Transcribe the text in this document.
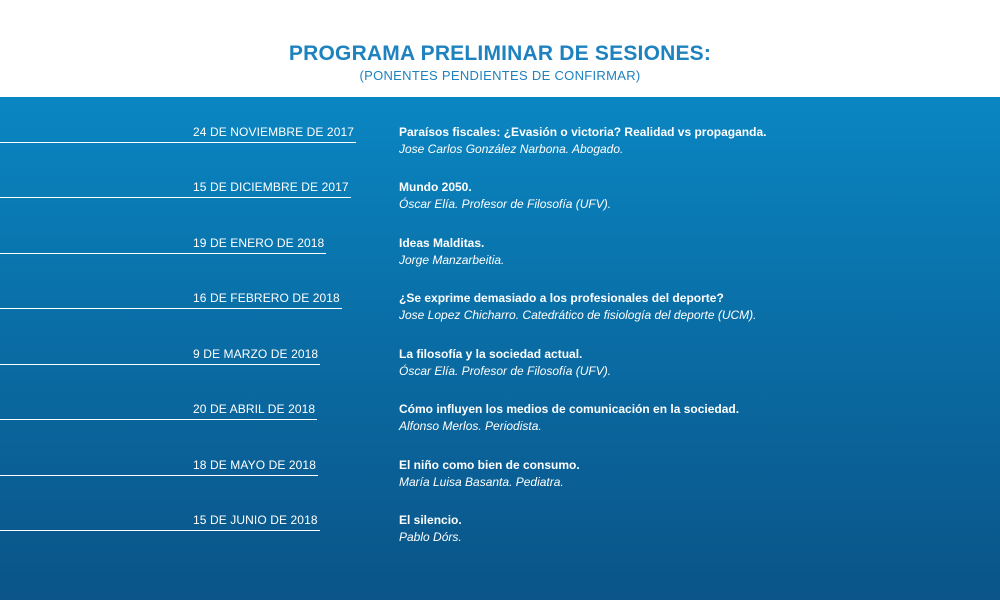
PROGRAMA PRELIMINAR DE SESIONES:
(PONENTES PENDIENTES DE CONFIRMAR)
24 DE NOVIEMBRE DE 2017	Paraísos fiscales: ¿Evasión o victoria? Realidad vs propaganda.
Jose Carlos González Narbona. Abogado.
15 DE DICIEMBRE DE 2017	Mundo 2050.
Óscar Elía. Profesor de Filosofía (UFV).
19 DE ENERO DE 2018	Ideas Malditas.
Jorge Manzarbeitia.
16 DE FEBRERO DE 2018	¿Se exprime demasiado a los profesionales del deporte?
Jose Lopez Chicharro. Catedrático de fisiología del deporte (UCM).
9 DE MARZO DE 2018	La filosofía y la sociedad actual.
Óscar Elía. Profesor de Filosofía (UFV).
20 DE ABRIL DE 2018	Cómo influyen los medios de comunicación en la sociedad.
Alfonso Merlos. Periodista.
18 DE MAYO DE 2018	El niño como bien de consumo.
María Luisa Basanta. Pediatra.
15 DE JUNIO DE 2018	El silencio.
Pablo Dórs.
